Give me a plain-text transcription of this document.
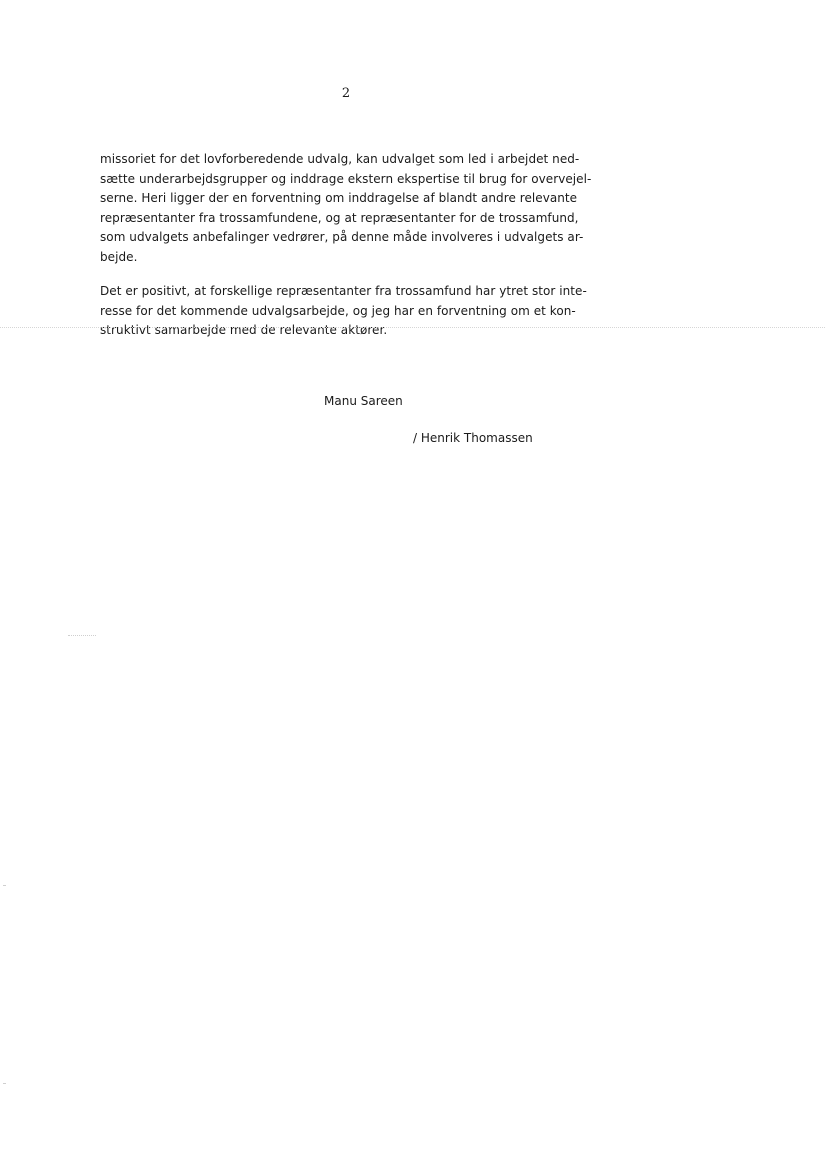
2
missoriet for det lovforberedende udvalg, kan udvalget som led i arbejdet ned-
sætte underarbejdsgrupper og inddrage ekstern ekspertise til brug for overvejel-
serne. Heri ligger der en forventning om inddragelse af blandt andre relevante
repræsentanter fra trossamfundene, og at repræsentanter for de trossamfund,
som udvalgets anbefalinger vedrører, på denne måde involveres i udvalgets ar-
bejde.
Det er positivt, at forskellige repræsentanter fra trossamfund har ytret stor inte-
resse for det kommende udvalgsarbejde, og jeg har en forventning om et kon-
struktivt samarbejde med de relevante aktører.
Manu Sareen
/ Henrik Thomassen
